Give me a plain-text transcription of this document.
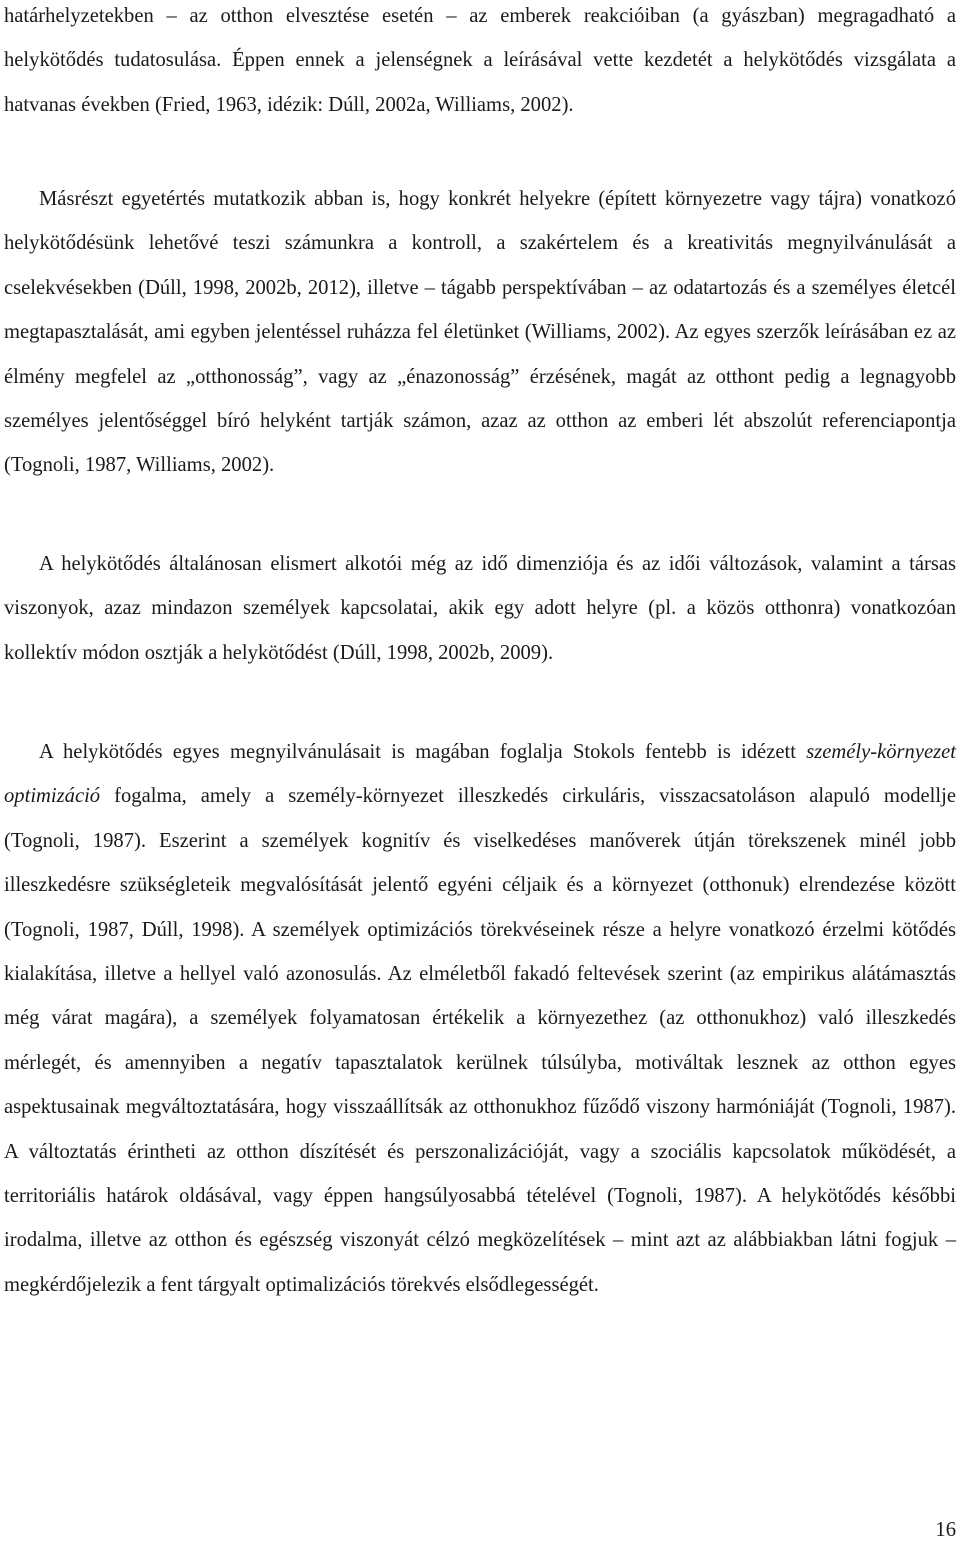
határhelyzetekben – az otthon elvesztése esetén – az emberek reakcióiban (a gyászban) megragadható a helykötődés tudatosulása. Éppen ennek a jelenségnek a leírásával vette kezdetét a helykötődés vizsgálata a hatvanas években (Fried, 1963, idézik: Dúll, 2002a, Williams, 2002).

Másrészt egyetértés mutatkozik abban is, hogy konkrét helyekre (épített környezetre vagy tájra) vonatkozó helykötődésünk lehetővé teszi számunkra a kontroll, a szakértelem és a kreativitás megnyilvánulását a cselekvésekben (Dúll, 1998, 2002b, 2012), illetve – tágabb perspektívában – az odatartozás és a személyes életcél megtapasztalását, ami egyben jelentéssel ruházza fel életünket (Williams, 2002). Az egyes szerzők leírásában ez az élmény megfelel az „otthonosság”, vagy az „énazonosság” érzésének, magát az otthont pedig a legnagyobb személyes jelentőséggel bíró helyként tartják számon, azaz az otthon az emberi lét abszolút referenciapontja (Tognoli, 1987, Williams, 2002).

A helykötődés általánosan elismert alkotói még az idő dimenziója és az idői változások, valamint a társas viszonyok, azaz mindazon személyek kapcsolatai, akik egy adott helyre (pl. a közös otthonra) vonatkozóan kollektív módon osztják a helykötődést (Dúll, 1998, 2002b, 2009).

A helykötődés egyes megnyilvánulásait is magában foglalja Stokols fentebb is idézett személy-környezet optimizáció fogalma, amely a személy-környezet illeszkedés cirkuláris, visszacsatoláson alapuló modellje (Tognoli, 1987). Eszerint a személyek kognitív és viselkedéses manőverek útján törekszenek minél jobb illeszkedésre szükségleteik megvalósítását jelentő egyéni céljaik és a környezet (otthonuk) elrendezése között (Tognoli, 1987, Dúll, 1998). A személyek optimizációs törekvéseinek része a helyre vonatkozó érzelmi kötődés kialakítása, illetve a hellyel való azonosulás. Az elméletből fakadó feltevések szerint (az empirikus alátámasztás még várat magára), a személyek folyamatosan értékelik a környezethez (az otthonukhoz) való illeszkedés mérlegét, és amennyiben a negatív tapasztalatok kerülnek túlsúlyba, motiváltak lesznek az otthon egyes aspektusainak megváltoztatására, hogy visszaállítsák az otthonukhoz fűződő viszony harmóniáját (Tognoli, 1987). A változtatás érintheti az otthon díszítését és perszonalizációját, vagy a szociális kapcsolatok működését, a territoriális határok oldásával, vagy éppen hangsúlyosabbá tételével (Tognoli, 1987). A helykötődés későbbi irodalma, illetve az otthon és egészség viszonyát célzó megközelítések – mint azt az alábbiakban látni fogjuk – megkérdőjelezik a fent tárgyalt optimalizációs törekvés elsődlegességét.

16
